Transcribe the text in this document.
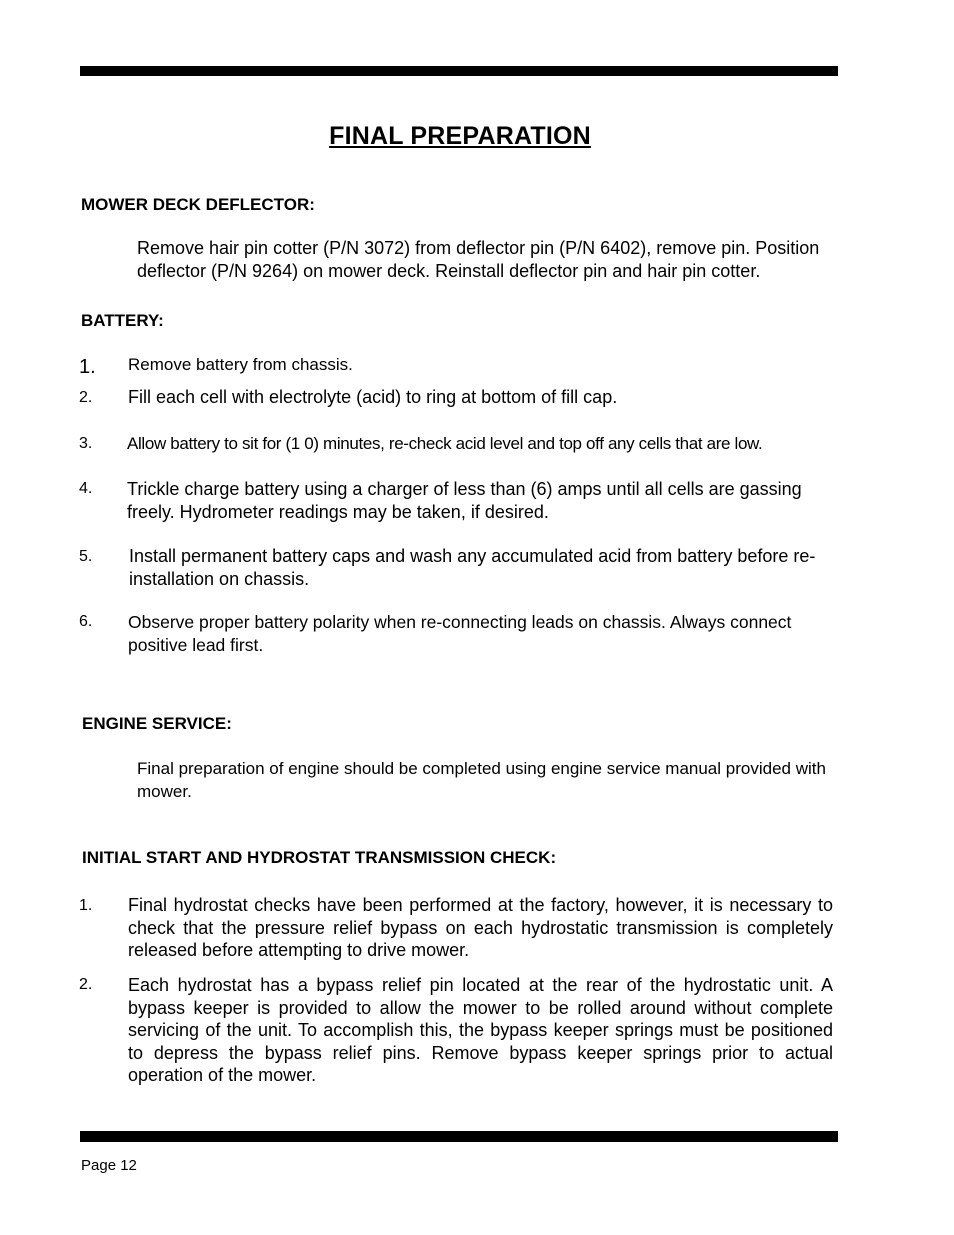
FINAL PREPARATION
MOWER DECK DEFLECTOR:
Remove hair pin cotter (P/N 3072) from deflector pin (P/N 6402), remove pin. Position deflector (P/N 9264) on mower deck. Reinstall deflector pin and hair pin cotter.
BATTERY:
1. Remove battery from chassis.
2. Fill each cell with electrolyte (acid) to ring at bottom of fill cap.
3. Allow battery to sit for (1 0) minutes, re-check acid level and top off any cells that are low.
4. Trickle charge battery using a charger of less than (6) amps until all cells are gassing freely. Hydrometer readings may be taken, if desired.
5. Install permanent battery caps and wash any accumulated acid from battery before re-installation on chassis.
6. Observe proper battery polarity when re-connecting leads on chassis. Always connect positive lead first.
ENGINE SERVICE:
Final preparation of engine should be completed using engine service manual provided with mower.
INITIAL START AND HYDROSTAT TRANSMISSION CHECK:
1. Final hydrostat checks have been performed at the factory, however, it is necessary to check that the pressure relief bypass on each hydrostatic transmission is completely released before attempting to drive mower.
2. Each hydrostat has a bypass relief pin located at the rear of the hydrostatic unit. A bypass keeper is provided to allow the mower to be rolled around without complete servicing of the unit. To accomplish this, the bypass keeper springs must be positioned to depress the bypass relief pins. Remove bypass keeper springs prior to actual operation of the mower.
Page 12
